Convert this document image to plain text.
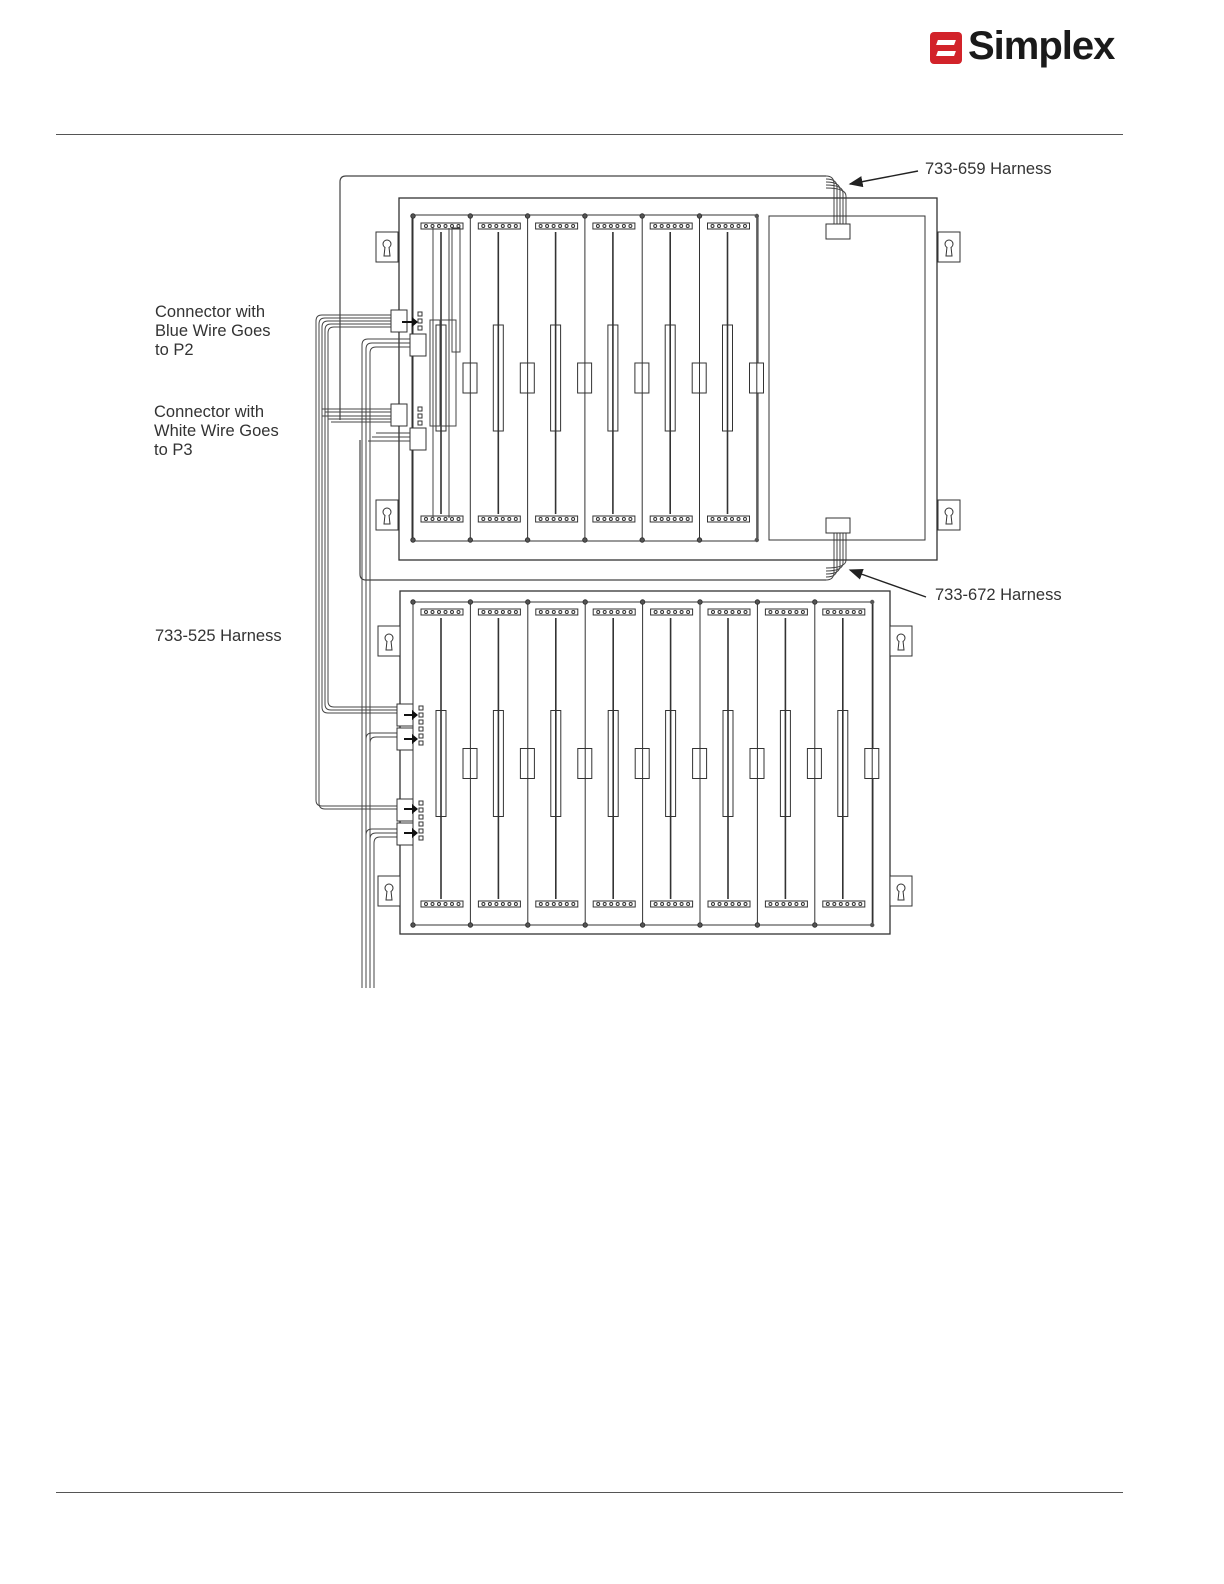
Simplex
733-659 Harness
733-672 Harness
733-525 Harness
Connector with
Blue Wire Goes
to P2
Connector with
White Wire Goes
to P3
